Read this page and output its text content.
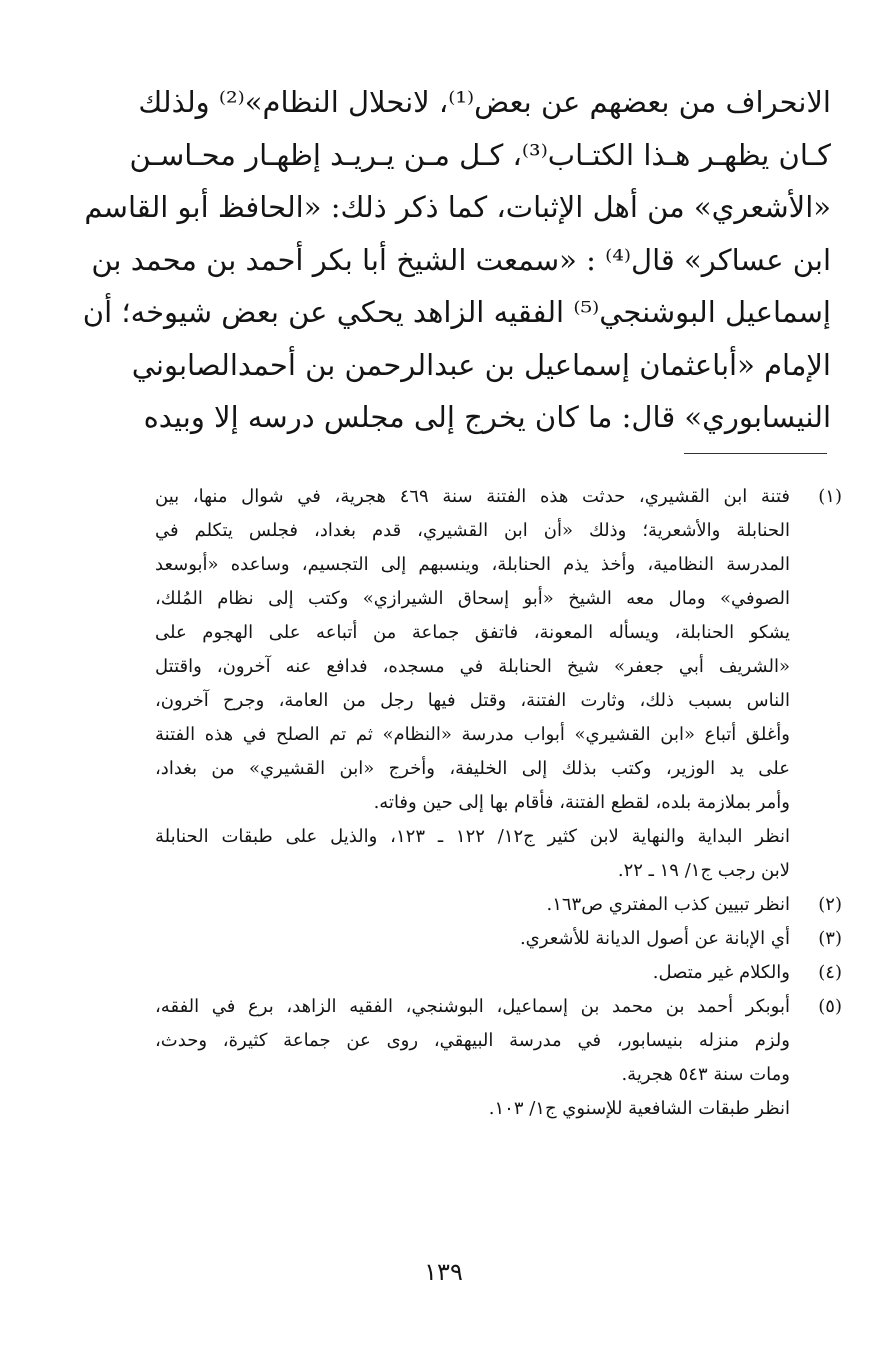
الانحراف من بعضهم عن بعض⁽¹⁾، لانحلال النظام»⁽²⁾ ولذلك
كـان يظهـر هـذا الكتـاب⁽³⁾، كـل مـن يـريـد إظهـار محـاسـن
«الأشعري» من أهل الإثبات، كما ذكر ذلك: «الحافظ أبو القاسم
ابن عساكر» قال⁽⁴⁾ : «سمعت الشيخ أبا بكر أحمد بن محمد بن
إسماعيل البوشنجي⁽⁵⁾ الفقيه الزاهد يحكي عن بعض شيوخه؛ أن
الإمام «أباعثمان إسماعيل بن عبدالرحمن بن أحمدالصابوني
النيسابوري» قال: ما كان يخرج إلى مجلس درسه إلا وبيده

(١)
فتنة ابن القشيري، حدثت هذه الفتنة سنة ٤٦٩ هجرية، في شوال منها، بين
الحنابلة والأشعرية؛ وذلك «أن ابن القشيري، قدم بغداد، فجلس يتكلم في
المدرسة النظامية، وأخذ يذم الحنابلة، وينسبهم إلى التجسيم، وساعده «أبوسعد
الصوفي» ومال معه الشيخ «أبو إسحاق الشيرازي» وكتب إلى نظام المُلك،
يشكو الحنابلة، ويسأله المعونة، فاتفق جماعة من أتباعه على الهجوم على
«الشريف أبي جعفر» شيخ الحنابلة في مسجده، فدافع عنه آخرون، واقتتل
الناس بسبب ذلك، وثارت الفتنة، وقتل فيها رجل من العامة، وجرح آخرون،
وأغلق أتباع «ابن القشيري» أبواب مدرسة «النظام» ثم تم الصلح في هذه الفتنة
على يد الوزير، وكتب بذلك إلى الخليفة، وأخرج «ابن القشيري» من بغداد،
وأمر بملازمة بلده، لقطع الفتنة، فأقام بها إلى حين وفاته.
انظر البداية والنهاية لابن كثير ج١٢/ ١٢٢ ـ ١٢٣، والذيل على طبقات الحنابلة
لابن رجب ج١/ ١٩ ـ ٢٢.
(٢)
انظر تبيين كذب المفتري ص١٦٣.
(٣)
أي الإبانة عن أصول الديانة للأشعري.
(٤)
والكلام غير متصل.
(٥)
أبوبكر أحمد بن محمد بن إسماعيل، البوشنجي، الفقيه الزاهد، برع في الفقه،
ولزم منزله بنيسابور، في مدرسة البيهقي، روى عن جماعة كثيرة، وحدث،
ومات سنة ٥٤٣ هجرية.
انظر طبقات الشافعية للإسنوي ج١/ ١٠٣.
١٣٩
